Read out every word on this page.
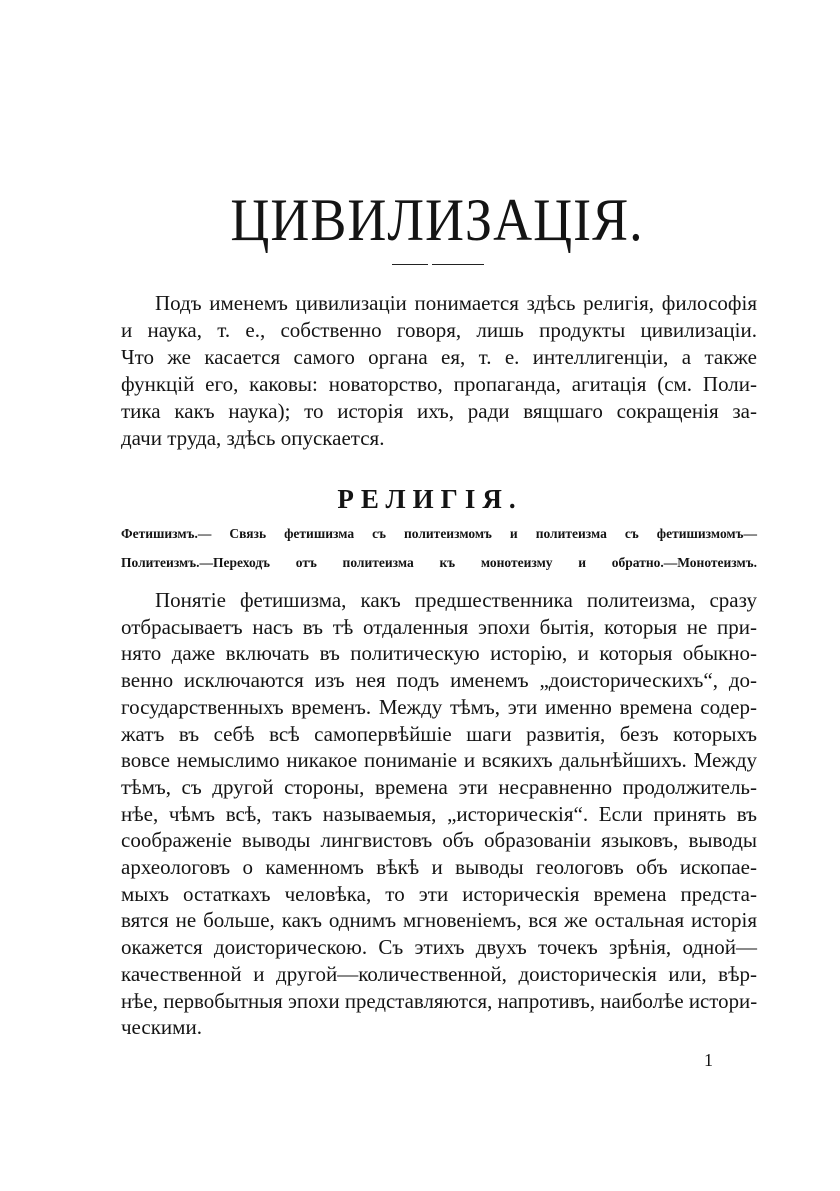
ЦИВИЛИЗАЦІЯ.
Подъ именемъ цивилизаціи понимается здѣсь религія, философія
и наука, т. е., собственно говоря, лишь продукты цивилизаціи.
Что же касается самого органа ея, т. е. интеллигенціи, а также
функцій его, каковы: новаторство, пропаганда, агитація (см. Поли-
тика какъ наука); то исторія ихъ, ради вящшаго сокращенія за-
дачи труда, здѣсь опускается.
РЕЛИГІЯ.
Фетишизмъ.— Связь фетишизма съ политеизмомъ и политеизма съ фетишизмомъ—
Политеизмъ.—Переходъ отъ политеизма къ монотеизму и обратно.—Монотеизмъ.
Понятіе фетишизма, какъ предшественника политеизма, сразу
отбрасываетъ насъ въ тѣ отдаленныя эпохи бытія, которыя не при-
нято даже включать въ политическую исторію, и которыя обыкно-
венно исключаются изъ нея подъ именемъ „доисторическихъ“, до-
государственныхъ временъ. Между тѣмъ, эти именно времена содер-
жатъ въ себѣ всѣ самопервѣйшіе шаги развитія, безъ которыхъ
вовсе немыслимо никакое пониманіе и всякихъ дальнѣйшихъ. Между
тѣмъ, съ другой стороны, времена эти несравненно продолжитель-
нѣе, чѣмъ всѣ, такъ называемыя, „историческія“. Если принять въ
соображеніе выводы лингвистовъ объ образованіи языковъ, выводы
археологовъ о каменномъ вѣкѣ и выводы геологовъ объ ископае-
мыхъ остаткахъ человѣка, то эти историческія времена предста-
вятся не больше, какъ однимъ мгновеніемъ, вся же остальная исторія
окажется доисторическою. Съ этихъ двухъ точекъ зрѣнія, одной—
качественной и другой—количественной, доисторическія или, вѣр-
нѣе, первобытныя эпохи представляются, напротивъ, наиболѣе истори-
ческими.
1
